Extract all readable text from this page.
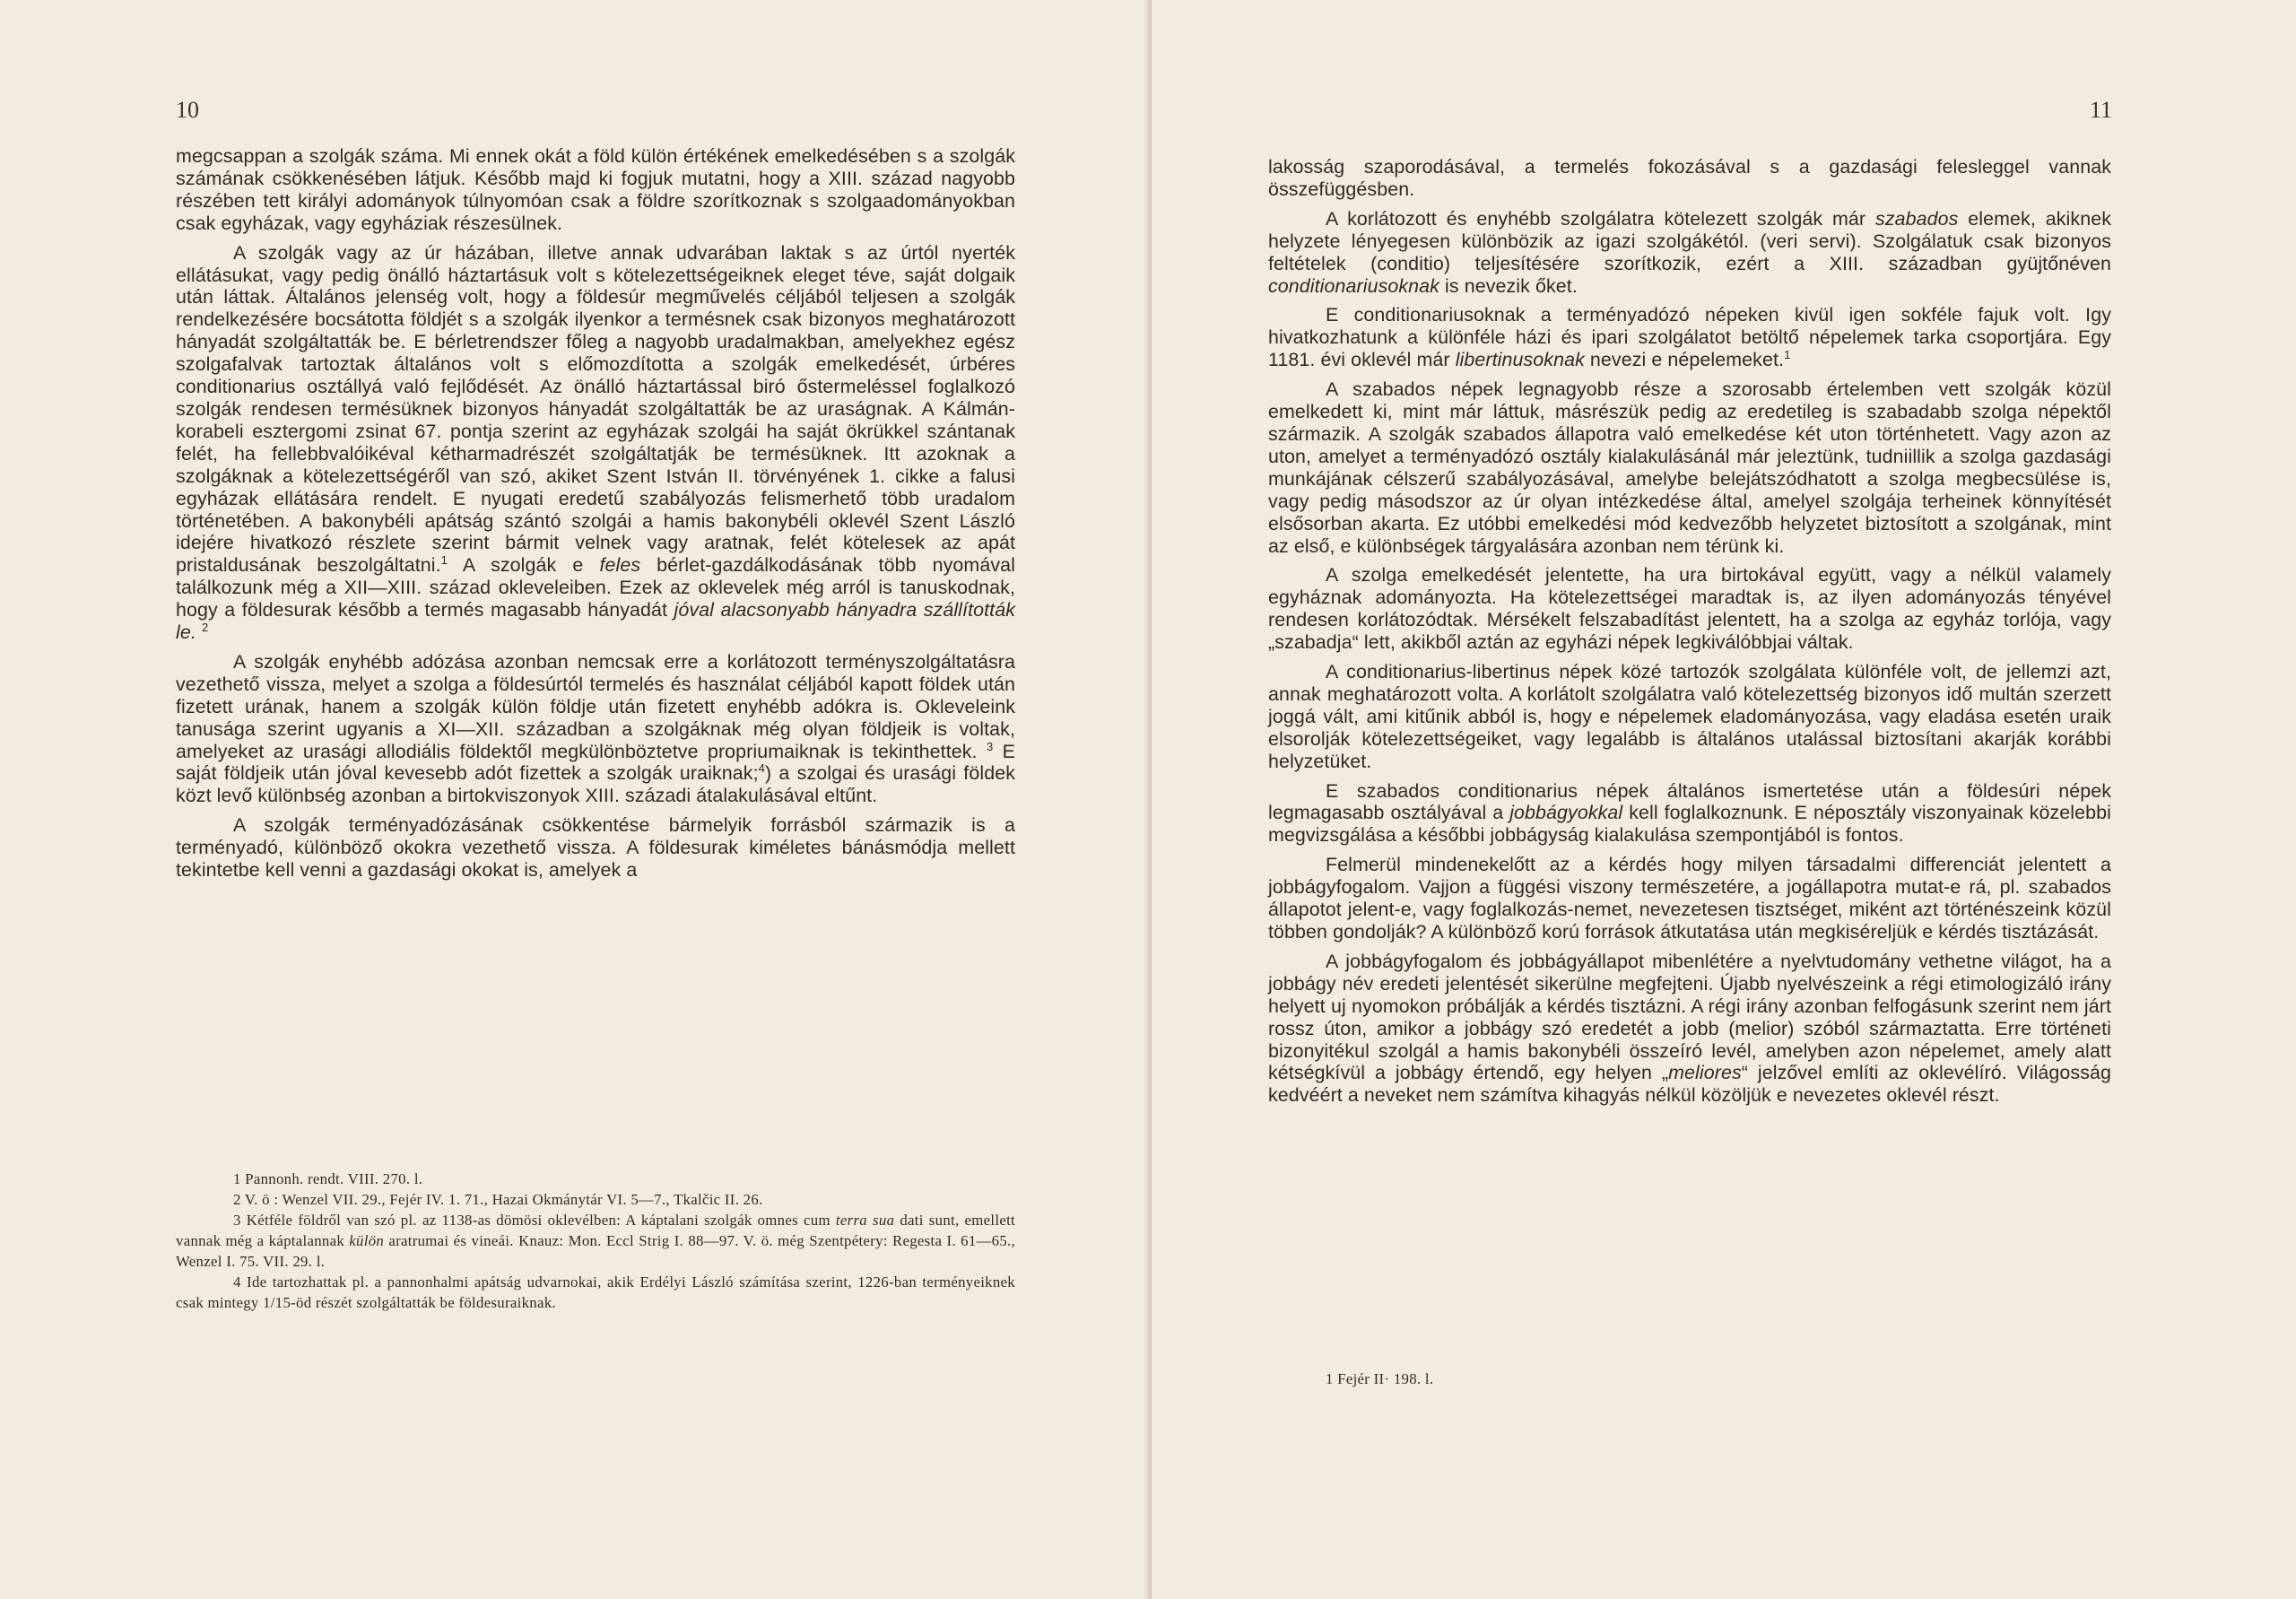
10

megcsappan a szolgák száma. Mi ennek okát a föld külön értékének emelkedésében s a szolgák számának csökkenésében látjuk. Később majd ki fogjuk mutatni, hogy a XIII. század nagyobb részében tett királyi adományok túlnyomóan csak a földre szorítkoznak s szolgaadományokban csak egyházak, vagy egyháziak részesülnek.

A szolgák vagy az úr házában, illetve annak udvarában laktak s az úrtól nyerték ellátásukat, vagy pedig önálló háztartásuk volt s kötelezettségeiknek eleget téve, saját dolgaik után láttak. Általános jelenség volt, hogy a földesúr megművelés céljából teljesen a szolgák rendelkezésére bocsátotta földjét s a szolgák ilyenkor a termésnek csak bizonyos meghatározott hányadát szolgáltatták be. E bérletrendszer főleg a nagyobb uradalmakban, amelyekhez egész szolgafalvak tartoztak általános volt s előmozdította a szolgák emelkedését, úrbéres conditionarius osztállyá való fejlődését. Az önálló háztartással biró őstermeléssel foglalkozó szolgák rendesen termésüknek bizonyos hányadát szolgáltatták be az uraságnak. A Kálmán-korabeli esztergomi zsinat 67. pontja szerint az egyházak szolgái ha saját ökrükkel szántanak felét, ha fellebbvalóikéval kétharmadrészét szolgáltatják be termésüknek. Itt azoknak a szolgáknak a kötelezettségéről van szó, akiket Szent István II. törvényének 1. cikke a falusi egyházak ellátására rendelt. E nyugati eredetű szabályozás felismerhető több uradalom történetében. A bakonybéli apátság szántó szolgái a hamis bakonybéli oklevél Szent László idejére hivatkozó részlete szerint bármit velnek vagy aratnak, felét kötelesek az apát pristaldusának beszolgáltatni.$^1$ A szolgák e feles bérlet-gazdálkodásának több nyomával találkozunk még a XII—XIII. század okleveleiben. Ezek az oklevelek még arról is tanuskodnak, hogy a földesurak később a termés magasabb hányadát jóval alacsonyabb hányadra szállították le. $^2$

A szolgák enyhébb adózása azonban nemcsak erre a korlátozott terményszolgáltatásra vezethető vissza, melyet a szolga a földesúrtól termelés és használat céljából kapott földek után fizetett urának, hanem a szolgák külön földje után fizetett enyhébb adókra is. Okleveleink tanusága szerint ugyanis a XI—XII. században a szolgáknak még olyan földjeik is voltak, amelyeket az urasági allodiális földektől megkülönböztetve propriumaiknak is tekinthettek. $^3$ E saját földjeik után jóval kevesebb adót fizettek a szolgák uraiknak;$^4$) a szolgai és urasági földek közt levő különbség azonban a birtokviszonyok XIII. századi átalakulásával eltűnt.

A szolgák terményadózásának csökkentése bármelyik forrásból származik is a terményadó, különböző okokra vezethető vissza. A földesurak kiméletes bánásmódja mellett tekintetbe kell venni a gazdasági okokat is, amelyek a

1 Pannonh. rendt. VIII. 270. l.

2 V. ö : Wenzel VII. 29., Fejér IV. 1. 71., Hazai Okmánytár VI. 5—7., Tkalčic II. 26.

3 Kétféle földről van szó pl. az 1138-as dömösi oklevélben: A káptalani szolgák omnes cum terra sua dati sunt, emellett vannak még a káptalannak külön aratrumai és vineái. Knauz: Mon. Eccl Strig I. 88—97. V. ö. még Szentpétery: Regesta I. 61—65., Wenzel I. 75. VII. 29. l.

4 Ide tartozhattak pl. a pannonhalmi apátság udvarnokai, akik Erdélyi László számítása szerint, 1226-ban terményeiknek csak mintegy 1/15-öd részét szolgáltatták be földesuraiknak.

11

lakosság szaporodásával, a termelés fokozásával s a gazdasági felesleggel vannak összefüggésben.

A korlátozott és enyhébb szolgálatra kötelezett szolgák már szabados elemek, akiknek helyzete lényegesen különbözik az igazi szolgákétól. (veri servi). Szolgálatuk csak bizonyos feltételek (conditio) teljesítésére szorítkozik, ezért a XIII. században gyüjtőnéven conditionariusoknak is nevezik őket.

E conditionariusoknak a terményadózó népeken kivül igen sokféle fajuk volt. Igy hivatkozhatunk a különféle házi és ipari szolgálatot betöltő népelemek tarka csoportjára. Egy 1181. évi oklevél már libertinusoknak nevezi e népelemeket.$^1$

A szabados népek legnagyobb része a szorosabb értelemben vett szolgák közül emelkedett ki, mint már láttuk, másrészük pedig az eredetileg is szabadabb szolga népektől származik. A szolgák szabados állapotra való emelkedése két uton történhetett. Vagy azon az uton, amelyet a terményadózó osztály kialakulásánál már jeleztünk, tudniillik a szolga gazdasági munkájának célszerű szabályozásával, amelybe belejátszódhatott a szolga megbecsülése is, vagy pedig másodszor az úr olyan intézkedése által, amelyel szolgája terheinek könnyítését elsősorban akarta. Ez utóbbi emelkedési mód kedvezőbb helyzetet biztosított a szolgának, mint az első, e különbségek tárgyalására azonban nem térünk ki.

A szolga emelkedését jelentette, ha ura birtokával együtt, vagy a nélkül valamely egyháznak adományozta. Ha kötelezettségei maradtak is, az ilyen adományozás tényével rendesen korlátozódtak. Mérsékelt felszabadítást jelentett, ha a szolga az egyház torlója, vagy „szabadja“ lett, akikből aztán az egyházi népek legkiválóbbjai váltak.

A conditionarius-libertinus népek közé tartozók szolgálata különféle volt, de jellemzi azt, annak meghatározott volta. A korlátolt szolgálatra való kötelezettség bizonyos idő multán szerzett joggá vált, ami kitűnik abból is, hogy e népelemek eladományozása, vagy eladása esetén uraik elsorolják kötelezettségeiket, vagy legalább is általános utalással biztosítani akarják korábbi helyzetüket.

E szabados conditionarius népek általános ismertetése után a földesúri népek legmagasabb osztályával a jobbágyokkal kell foglalkoznunk. E néposztály viszonyainak közelebbi megvizsgálása a későbbi jobbágyság kialakulása szempontjából is fontos.

Felmerül mindenekelőtt az a kérdés hogy milyen társadalmi differenciát jelentett a jobbágyfogalom. Vajjon a függési viszony természetére, a jogállapotra mutat-e rá, pl. szabados állapotot jelent-e, vagy foglalkozás-nemet, nevezetesen tisztséget, miként azt történészeink közül többen gondolják? A különböző korú források átkutatása után megkiséreljük e kérdés tisztázását.

A jobbágyfogalom és jobbágyállapot mibenlétére a nyelvtudomány vethetne világot, ha a jobbágy név eredeti jelentését sikerülne megfejteni. Újabb nyelvészeink a régi etimologizáló irány helyett uj nyomokon próbálják a kérdés tisztázni. A régi irány azonban felfogásunk szerint nem járt rossz úton, amikor a jobbágy szó eredetét a jobb (melior) szóból származtatta. Erre történeti bizonyitékul szolgál a hamis bakonybéli összeíró levél, amelyben azon népelemet, amely alatt kétségkívül a jobbágy értendő, egy helyen „meliores“ jelzővel említi az oklevélíró. Világosság kedvéért a neveket nem számítva kihagyás nélkül közöljük e nevezetes oklevél részt.

1 Fejér II· 198. l.
